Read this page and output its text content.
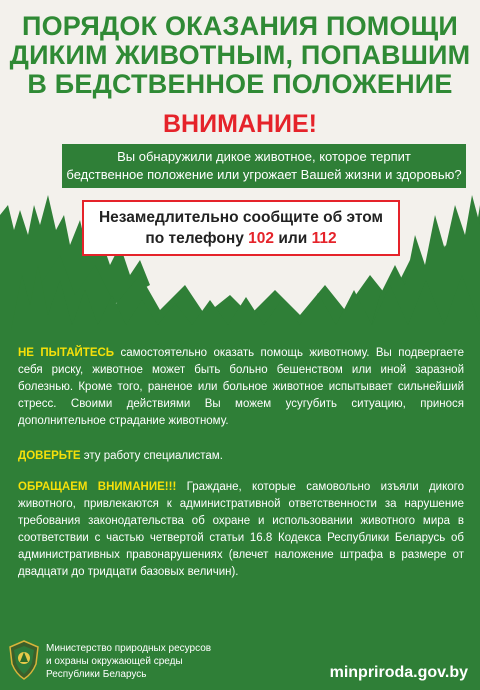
ПОРЯДОК ОКАЗАНИЯ ПОМОЩИ
ДИКИМ ЖИВОТНЫМ, ПОПАВШИМ
В БЕДСТВЕННОЕ ПОЛОЖЕНИЕ
ВНИМАНИЕ!
Вы обнаружили дикое животное, которое терпит
бедственное положение или угрожает Вашей жизни и здоровью?
Незамедлительно сообщите об этом
по телефону 102 или 112

НЕ ПЫТАЙТЕСЬ самостоятельно оказать помощь животному. Вы подвергаете себя риску, животное может быть больно бешенством или иной заразной болезнью. Кроме того, раненое или больное животное испытывает сильнейший стресс. Своими действиями Вы можем усугубить ситуацию, принося дополнительное страдание животному.

ДОВЕРЬТЕ эту работу специалистам.

ОБРАЩАЕМ ВНИМАНИЕ!!! Граждане, которые самовольно изъяли дикого животного, привлекаются к административной ответственности за нарушение требования законодательства об охране и использовании животного мира в соответствии с частью четвертой статьи 16.8 Кодекса Республики Беларусь об административных правонарушениях (влечет наложение штрафа в размере от двадцати до тридцати базовых величин).

Министерство природных ресурсов
и охраны окружающей среды
Республики Беларусь	minpriroda.gov.by
